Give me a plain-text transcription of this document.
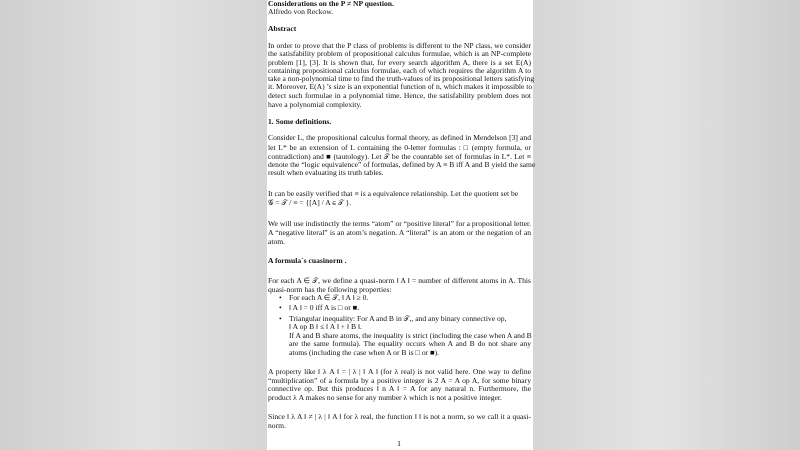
Considerations on the P ≠ NP question.
Alfredo von Reckow.
Abstract
In order to prove that the P class of problems is different to the NP class, we consider
the satisfability problem of propositional calculus formulae, which is an NP-complete
problem [1], [3]. It is shown that, for every search algorithm A, there is a set E(A)
containing propositional calculus formulae, each of which requires the algorithm A to
take a non-polynomial time to find the truth-values of its propositional letters satisfying
it. Moreover, E(A) ’s size is an exponential function of n, which makes it impossible to
detect such formulae in a polynomial time. Hence, the satisfability problem does not
have a polynomial complexity.
1. Some definitions.
Consider L, the propositional calculus formal theory, as defined in Mendelson [3] and
let L* be an extension of L containing the 0-letter formulas : □ (empty formula, or
contradiction) and ■ (tautology). Let 𝒯 be the countable set of formulas in L*. Let ≡
denote the “logic equivalence” of formulas, defined by A ≡ B iff A and B yield the same
result when evaluating its truth tables.
It can be easily verified that ≡ is a equivalence relationship. Let the quotient set be
𝒢 = 𝒯 / ≡ = {[A] / A ∈ 𝒯 }.
We will use indistinctly the terms “atom” or “positive literal” for a propositional letter.
A “negative literal” is an atom’s negation. A “literal” is an atom or the negation of an
atom.
A formula´s cuasinorm .
For each A ∈ 𝒯, we define a quasi-norm ‖ A ‖ = number of different atoms in A. This
quasi-norm has the following properties:
For each A ∈ 𝒯, ‖ A ‖ ≥ 0.
•
‖ A ‖ = 0 iff A is □ or ■.
•
Triangular inequality: For A and B in 𝒯,, and any binary connective op,
•
‖ A op B ‖ ≤ ‖ A ‖ + ‖ B ‖.
If A and B share atoms, the inequality is strict (including the case when A and B
are the same formula). The equality occurs when A and B do not share any
atoms (including the case when A or B is □ or ■).
A property like ‖ λ A ‖ = | λ | ‖ A ‖ (for λ real) is not valid here. One way to define
“multiplication” of a formula by a positive integer is 2 A = A op A, for some binary
connective op. But this produces ‖ n A ‖ = A for any natural n. Furthermore, the
product λ A makes no sense for any number λ which is not a positive integer.
Since ‖ λ A ‖ ≠ | λ | ‖ A ‖ for λ real, the function ‖ ‖ is not a norm, so we call it a quasi-
norm.
1
